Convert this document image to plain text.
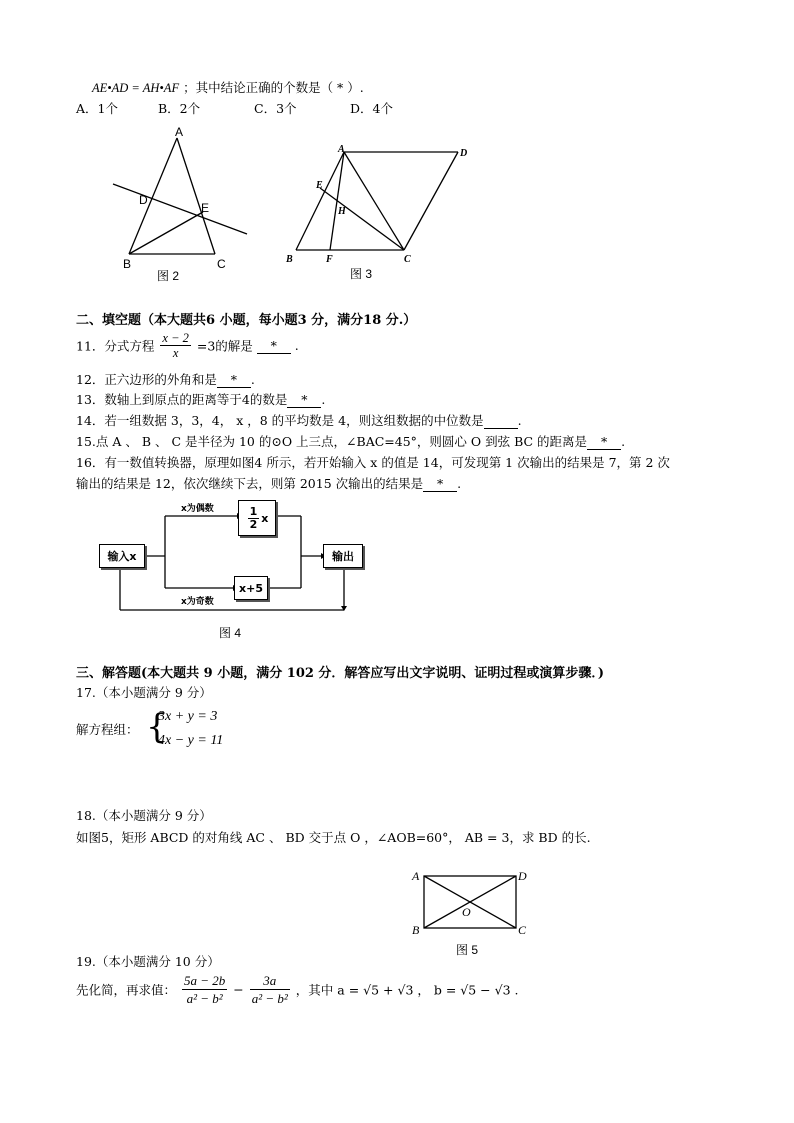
AE•AD = AH•AF ；其中结论正确的个数是（ * ）.
A．1个	B．2个	C．3个	D．4个
A
B	C
D
E
图 2
A	D
E
H
B	F	C
图 3
二、填空题（本大题共6 小题，每小题3 分，满分18 分.）
11．分式方程 $\frac{x - 2}{x} =3$的解是 * .
12．正六边形的外角和是 * .
13．数轴上到原点的距离等于4的数是 * .
14．若一组数据 3，3，4， x ，8 的平均数是 4，则这组数据的中位数是	.
15.点 A 、 B 、 C 是半径为 10 的⊙O 上三点，∠BAC=45°，则圆心 O 到弦 BC 的距离是 * .
16．有一数值转换器，原理如图4 所示，若开始输入 x 的值是 14，可发现第 1 次输出的结果是 7，第 2 次
输出的结果是 12，依次继续下去，则第 2015 次输出的结果是 * .
输入x
$\frac{1}{2}$ x
x+5
输出
x为偶数
x为奇数
图 4
三、解答题(本大题共 9 小题，满分 102 分．解答应写出文字说明、证明过程或演算步骤．)
17.（本小题满分 9 分）
解方程组： {
3x + y = 3
4x − y = 11
18.（本小题满分 9 分）
如图5，矩形 ABCD 的对角线 AC 、 BD 交于点 O ，∠AOB=60°， AB = 3，求 BD 的长.
A	D
B	C
O
图 5
19.（本小题满分 10 分）
先化简，再求值： $\frac{5a - 2b}{\text{a² − b²}} - \frac{3a}{\text{a² − b²}}$ ，其中 a = √5 + √3 ， b = √5 − √3 .
